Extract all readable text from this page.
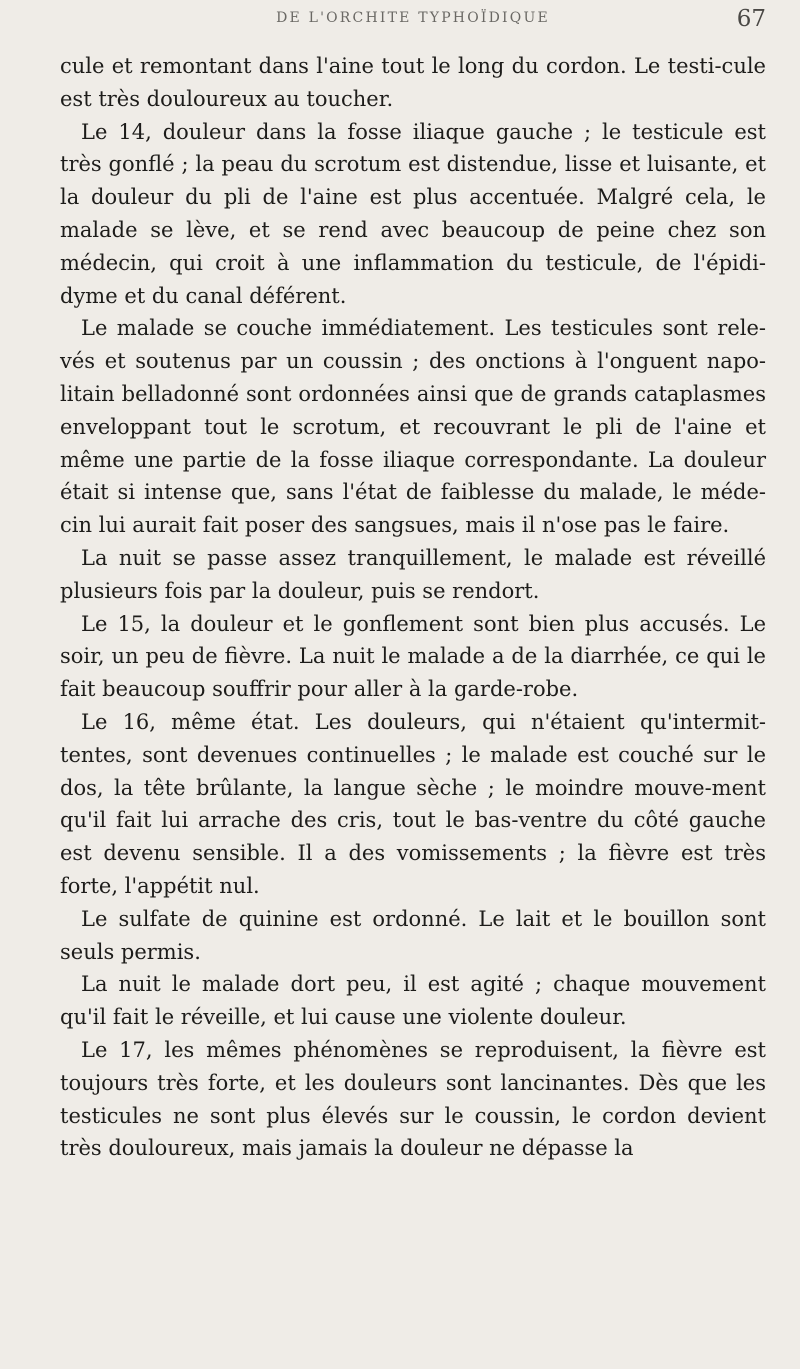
DE L'ORCHITE TYPHOÏDIQUE	67

cule et remontant dans l'aine tout le long du cordon. Le testi-cule est très douloureux au toucher.

Le 14, douleur dans la fosse iliaque gauche ; le testicule est très gonflé ; la peau du scrotum est distendue, lisse et luisante, et la douleur du pli de l'aine est plus accentuée. Malgré cela, le malade se lève, et se rend avec beaucoup de peine chez son médecin, qui croit à une inflammation du testicule, de l'épidi-dyme et du canal déférent.

Le malade se couche immédiatement. Les testicules sont rele-vés et soutenus par un coussin ; des onctions à l'onguent napo-litain belladonné sont ordonnées ainsi que de grands cataplasmes enveloppant tout le scrotum, et recouvrant le pli de l'aine et même une partie de la fosse iliaque correspondante. La douleur était si intense que, sans l'état de faiblesse du malade, le méde-cin lui aurait fait poser des sangsues, mais il n'ose pas le faire.

La nuit se passe assez tranquillement, le malade est réveillé plusieurs fois par la douleur, puis se rendort.

Le 15, la douleur et le gonflement sont bien plus accusés. Le soir, un peu de fièvre. La nuit le malade a de la diarrhée, ce qui le fait beaucoup souffrir pour aller à la garde-robe.

Le 16, même état. Les douleurs, qui n'étaient qu'intermit-tentes, sont devenues continuelles ; le malade est couché sur le dos, la tête brûlante, la langue sèche ; le moindre mouve-ment qu'il fait lui arrache des cris, tout le bas-ventre du côté gauche est devenu sensible. Il a des vomissements ; la fièvre est très forte, l'appétit nul.

Le sulfate de quinine est ordonné. Le lait et le bouillon sont seuls permis.

La nuit le malade dort peu, il est agité ; chaque mouvement qu'il fait le réveille, et lui cause une violente douleur.

Le 17, les mêmes phénomènes se reproduisent, la fièvre est toujours très forte, et les douleurs sont lancinantes. Dès que les testicules ne sont plus élevés sur le coussin, le cordon devient très douloureux, mais jamais la douleur ne dépasse la
